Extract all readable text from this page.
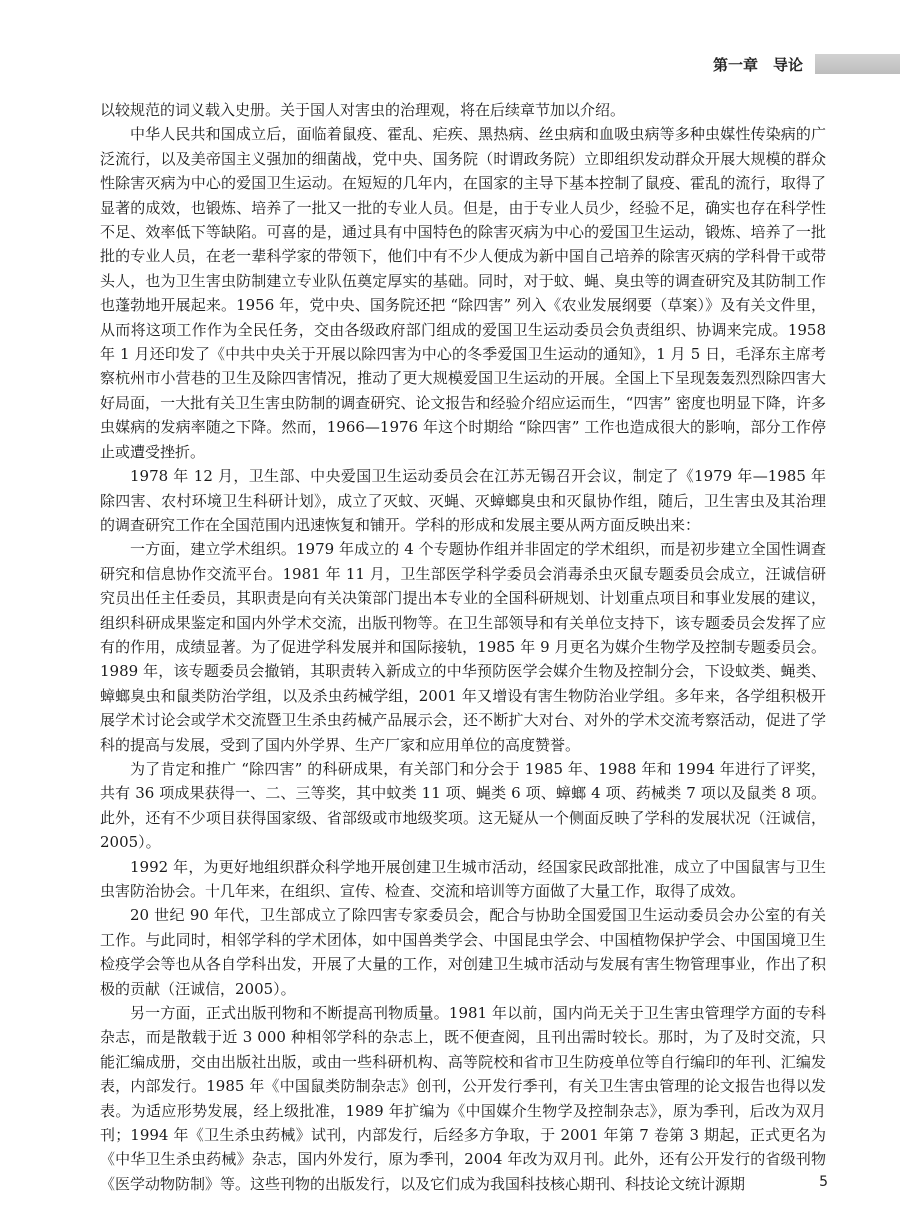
第一章　导论

以较规范的词义载入史册。关于国人对害虫的治理观，将在后续章节加以介绍。

中华人民共和国成立后，面临着鼠疫、霍乱、疟疾、黑热病、丝虫病和血吸虫病等多种虫媒性传染病的广泛流行，以及美帝国主义强加的细菌战，党中央、国务院（时谓政务院）立即组织发动群众开展大规模的群众性除害灭病为中心的爱国卫生运动。在短短的几年内，在国家的主导下基本控制了鼠疫、霍乱的流行，取得了显著的成效，也锻炼、培养了一批又一批的专业人员。但是，由于专业人员少，经验不足，确实也存在科学性不足、效率低下等缺陷。可喜的是，通过具有中国特色的除害灭病为中心的爱国卫生运动，锻炼、培养了一批批的专业人员，在老一辈科学家的带领下，他们中有不少人便成为新中国自己培养的除害灭病的学科骨干或带头人，也为卫生害虫防制建立专业队伍奠定厚实的基础。同时，对于蚊、蝇、臭虫等的调查研究及其防制工作也蓬勃地开展起来。1956 年，党中央、国务院还把 “除四害” 列入《农业发展纲要（草案）》及有关文件里，从而将这项工作作为全民任务，交由各级政府部门组成的爱国卫生运动委员会负责组织、协调来完成。1958 年 1 月还印发了《中共中央关于开展以除四害为中心的冬季爱国卫生运动的通知》，1 月 5 日，毛泽东主席考察杭州市小营巷的卫生及除四害情况，推动了更大规模爱国卫生运动的开展。全国上下呈现轰轰烈烈除四害大好局面，一大批有关卫生害虫防制的调查研究、论文报告和经验介绍应运而生，“四害” 密度也明显下降，许多虫媒病的发病率随之下降。然而，1966—1976 年这个时期给 “除四害” 工作也造成很大的影响，部分工作停止或遭受挫折。

1978 年 12 月，卫生部、中央爱国卫生运动委员会在江苏无锡召开会议，制定了《1979 年—1985 年除四害、农村环境卫生科研计划》，成立了灭蚊、灭蝇、灭蟑螂臭虫和灭鼠协作组，随后，卫生害虫及其治理的调查研究工作在全国范围内迅速恢复和铺开。学科的形成和发展主要从两方面反映出来：

一方面，建立学术组织。1979 年成立的 4 个专题协作组并非固定的学术组织，而是初步建立全国性调查研究和信息协作交流平台。1981 年 11 月，卫生部医学科学委员会消毒杀虫灭鼠专题委员会成立，汪诚信研究员出任主任委员，其职责是向有关决策部门提出本专业的全国科研规划、计划重点项目和事业发展的建议，组织科研成果鉴定和国内外学术交流，出版刊物等。在卫生部领导和有关单位支持下，该专题委员会发挥了应有的作用，成绩显著。为了促进学科发展并和国际接轨，1985 年 9 月更名为媒介生物学及控制专题委员会。1989 年，该专题委员会撤销，其职责转入新成立的中华预防医学会媒介生物及控制分会，下设蚊类、蝇类、蟑螂臭虫和鼠类防治学组，以及杀虫药械学组，2001 年又增设有害生物防治业学组。多年来，各学组积极开展学术讨论会或学术交流暨卫生杀虫药械产品展示会，还不断扩大对台、对外的学术交流考察活动，促进了学科的提高与发展，受到了国内外学界、生产厂家和应用单位的高度赞誉。

为了肯定和推广 “除四害” 的科研成果，有关部门和分会于 1985 年、1988 年和 1994 年进行了评奖，共有 36 项成果获得一、二、三等奖，其中蚊类 11 项、蝇类 6 项、蟑螂 4 项、药械类 7 项以及鼠类 8 项。此外，还有不少项目获得国家级、省部级或市地级奖项。这无疑从一个侧面反映了学科的发展状况（汪诚信，2005）。

1992 年，为更好地组织群众科学地开展创建卫生城市活动，经国家民政部批准，成立了中国鼠害与卫生虫害防治协会。十几年来，在组织、宣传、检查、交流和培训等方面做了大量工作，取得了成效。

20 世纪 90 年代，卫生部成立了除四害专家委员会，配合与协助全国爱国卫生运动委员会办公室的有关工作。与此同时，相邻学科的学术团体，如中国兽类学会、中国昆虫学会、中国植物保护学会、中国国境卫生检疫学会等也从各自学科出发，开展了大量的工作，对创建卫生城市活动与发展有害生物管理事业，作出了积极的贡献（汪诚信，2005）。

另一方面，正式出版刊物和不断提高刊物质量。1981 年以前，国内尚无关于卫生害虫管理学方面的专科杂志，而是散载于近 3 000 种相邻学科的杂志上，既不便查阅，且刊出需时较长。那时，为了及时交流，只能汇编成册，交由出版社出版，或由一些科研机构、高等院校和省市卫生防疫单位等自行编印的年刊、汇编发表，内部发行。1985 年《中国鼠类防制杂志》创刊，公开发行季刊，有关卫生害虫管理的论文报告也得以发表。为适应形势发展，经上级批准，1989 年扩编为《中国媒介生物学及控制杂志》，原为季刊，后改为双月刊；1994 年《卫生杀虫药械》试刊，内部发行，后经多方争取，于 2001 年第 7 卷第 3 期起，正式更名为《中华卫生杀虫药械》杂志，国内外发行，原为季刊，2004 年改为双月刊。此外，还有公开发行的省级刊物《医学动物防制》等。这些刊物的出版发行，以及它们成为我国科技核心期刊、科技论文统计源期	5
